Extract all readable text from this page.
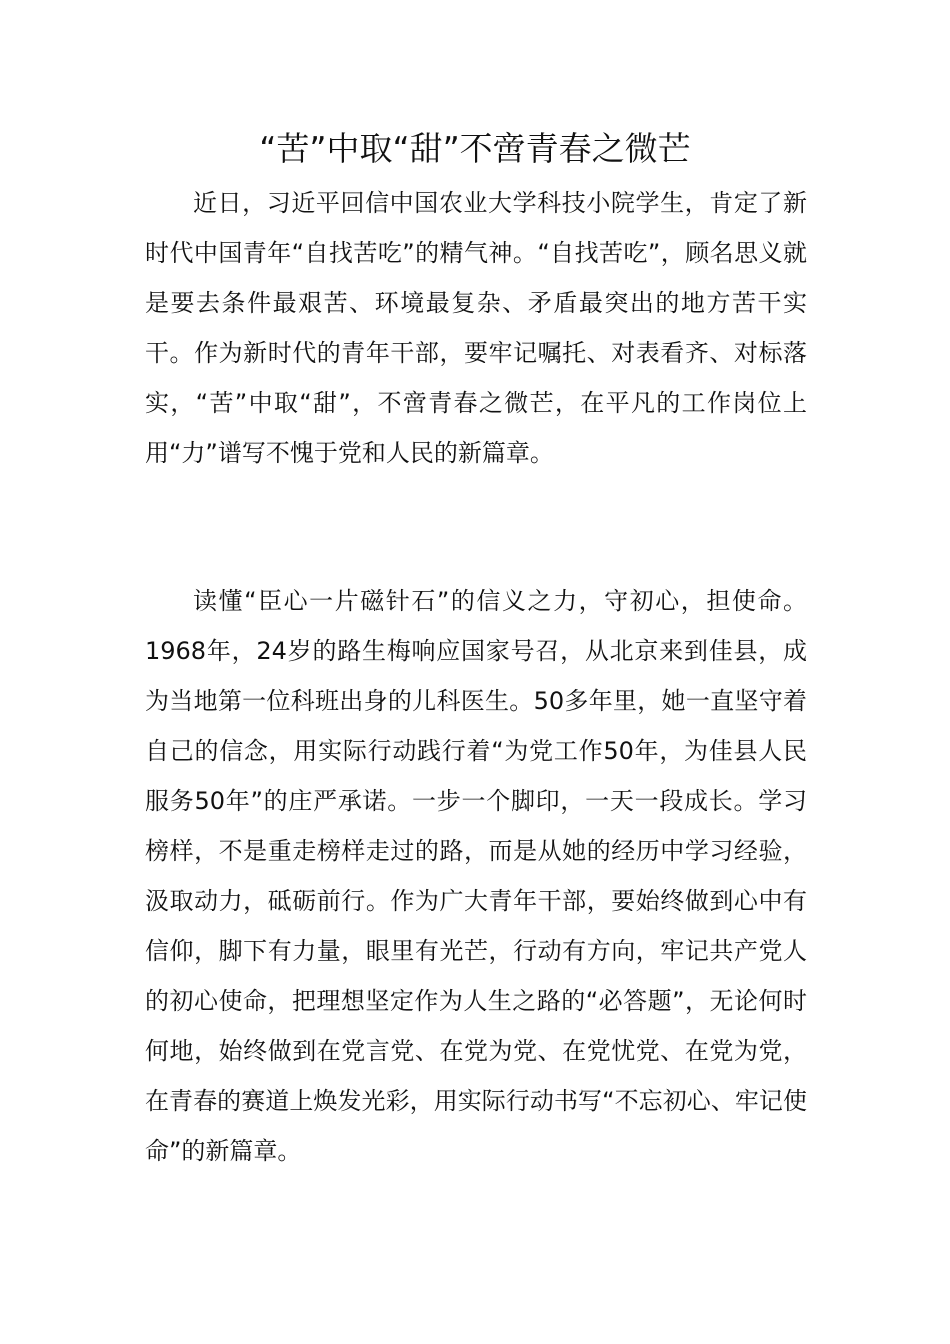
“苦”中取“甜”不啻青春之微芒

近日，习近平回信中国农业大学科技小院学生，肯定了新时代中国青年“自找苦吃”的精气神。“自找苦吃”，顾名思义就是要去条件最艰苦、环境最复杂、矛盾最突出的地方苦干实干。作为新时代的青年干部，要牢记嘱托、对表看齐、对标落实，“苦”中取“甜”，不啻青春之微芒，在平凡的工作岗位上用“力”谱写不愧于党和人民的新篇章。

读懂“臣心一片磁针石”的信义之力，守初心，担使命。1968年，24岁的路生梅响应国家号召，从北京来到佳县，成为当地第一位科班出身的儿科医生。50多年里，她一直坚守着自己的信念，用实际行动践行着“为党工作50年，为佳县人民服务50年”的庄严承诺。一步一个脚印，一天一段成长。学习榜样，不是重走榜样走过的路，而是从她的经历中学习经验，汲取动力，砥砺前行。作为广大青年干部，要始终做到心中有信仰，脚下有力量，眼里有光芒，行动有方向，牢记共产党人的初心使命，把理想坚定作为人生之路的“必答题”，无论何时何地，始终做到在党言党、在党为党、在党忧党、在党为党，在青春的赛道上焕发光彩，用实际行动书写“不忘初心、牢记使命”的新篇章。
